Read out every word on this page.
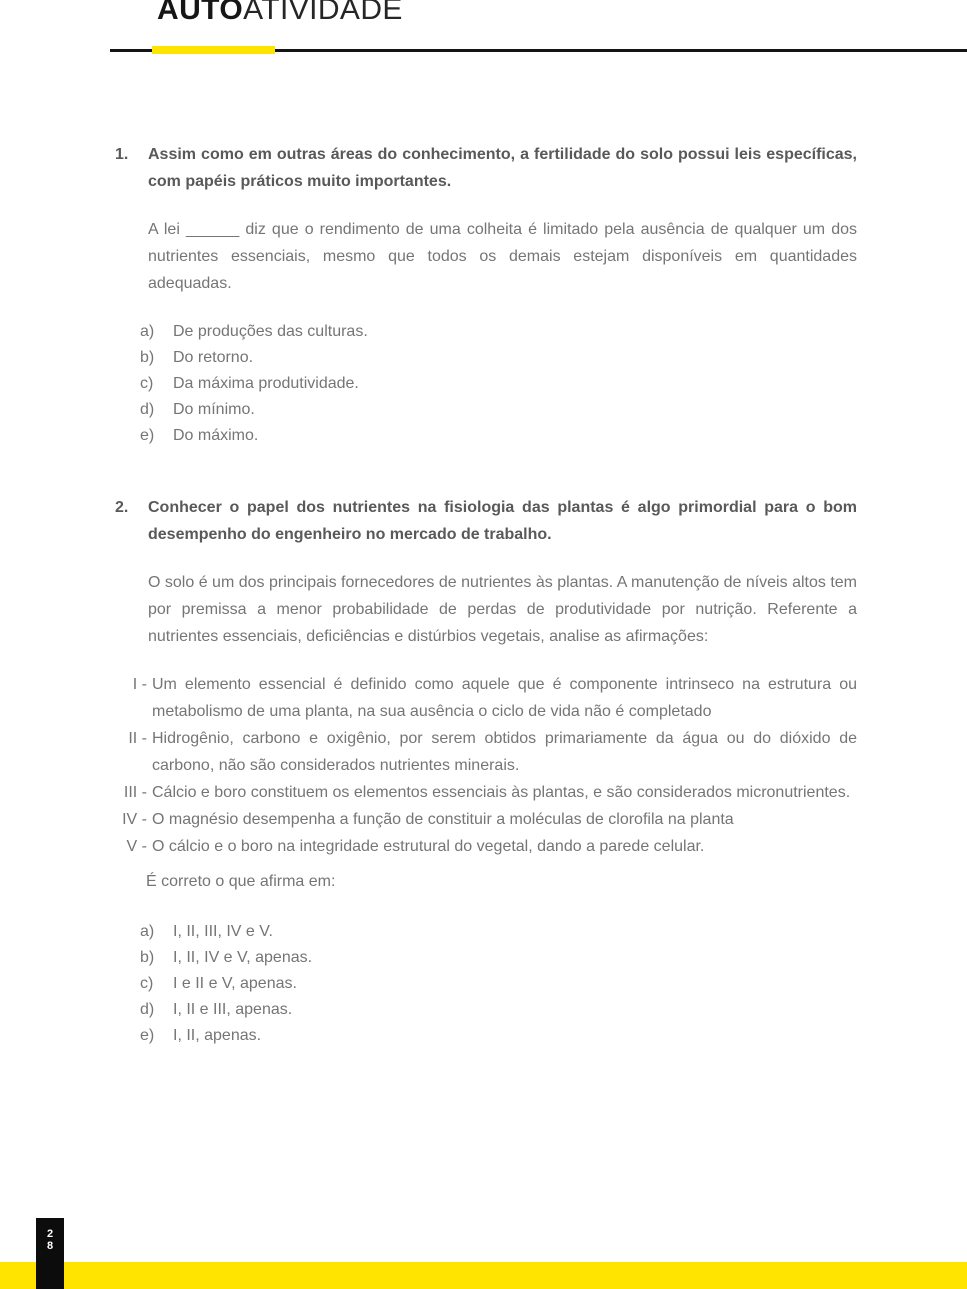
AUTOATIVIDADE
1.	Assim como em outras áreas do conhecimento, a fertilidade do solo possui leis específicas, com papéis práticos muito importantes.

A lei ______ diz que o rendimento de uma colheita é limitado pela ausência de qualquer um dos nutrientes essenciais, mesmo que todos os demais estejam disponíveis em quantidades adequadas.

a)	De produções das culturas.
b)	Do retorno.
c)	Da máxima produtividade.
d)	Do mínimo.
e)	Do máximo.
2.	Conhecer o papel dos nutrientes na fisiologia das plantas é algo primordial para o bom desempenho do engenheiro no mercado de trabalho.

O solo é um dos principais fornecedores de nutrientes às plantas. A manutenção de níveis altos tem por premissa a menor probabilidade de perdas de produtividade por nutrição. Referente a nutrientes essenciais, deficiências e distúrbios vegetais, analise as afirmações:

I - Um elemento essencial é definido como aquele que é componente intrinseco na estrutura ou metabolismo de uma planta, na sua ausência o ciclo de vida não é completado
II - Hidrogênio, carbono e oxigênio, por serem obtidos primariamente da água ou do dióxido de carbono, não são considerados nutrientes minerais.
III - Cálcio e boro constituem os elementos essenciais às plantas, e são considerados micronutrientes.
IV - O magnésio desempenha a função de constituir a moléculas de clorofila na planta
V - O cálcio e o boro na integridade estrutural do vegetal, dando a parede celular.

É correto o que afirma em:

a)	I, II, III, IV e V.
b)	I, II, IV e V, apenas.
c)	I e II e V, apenas.
d)	I, II e III, apenas.
e)	I, II, apenas.
2
8
